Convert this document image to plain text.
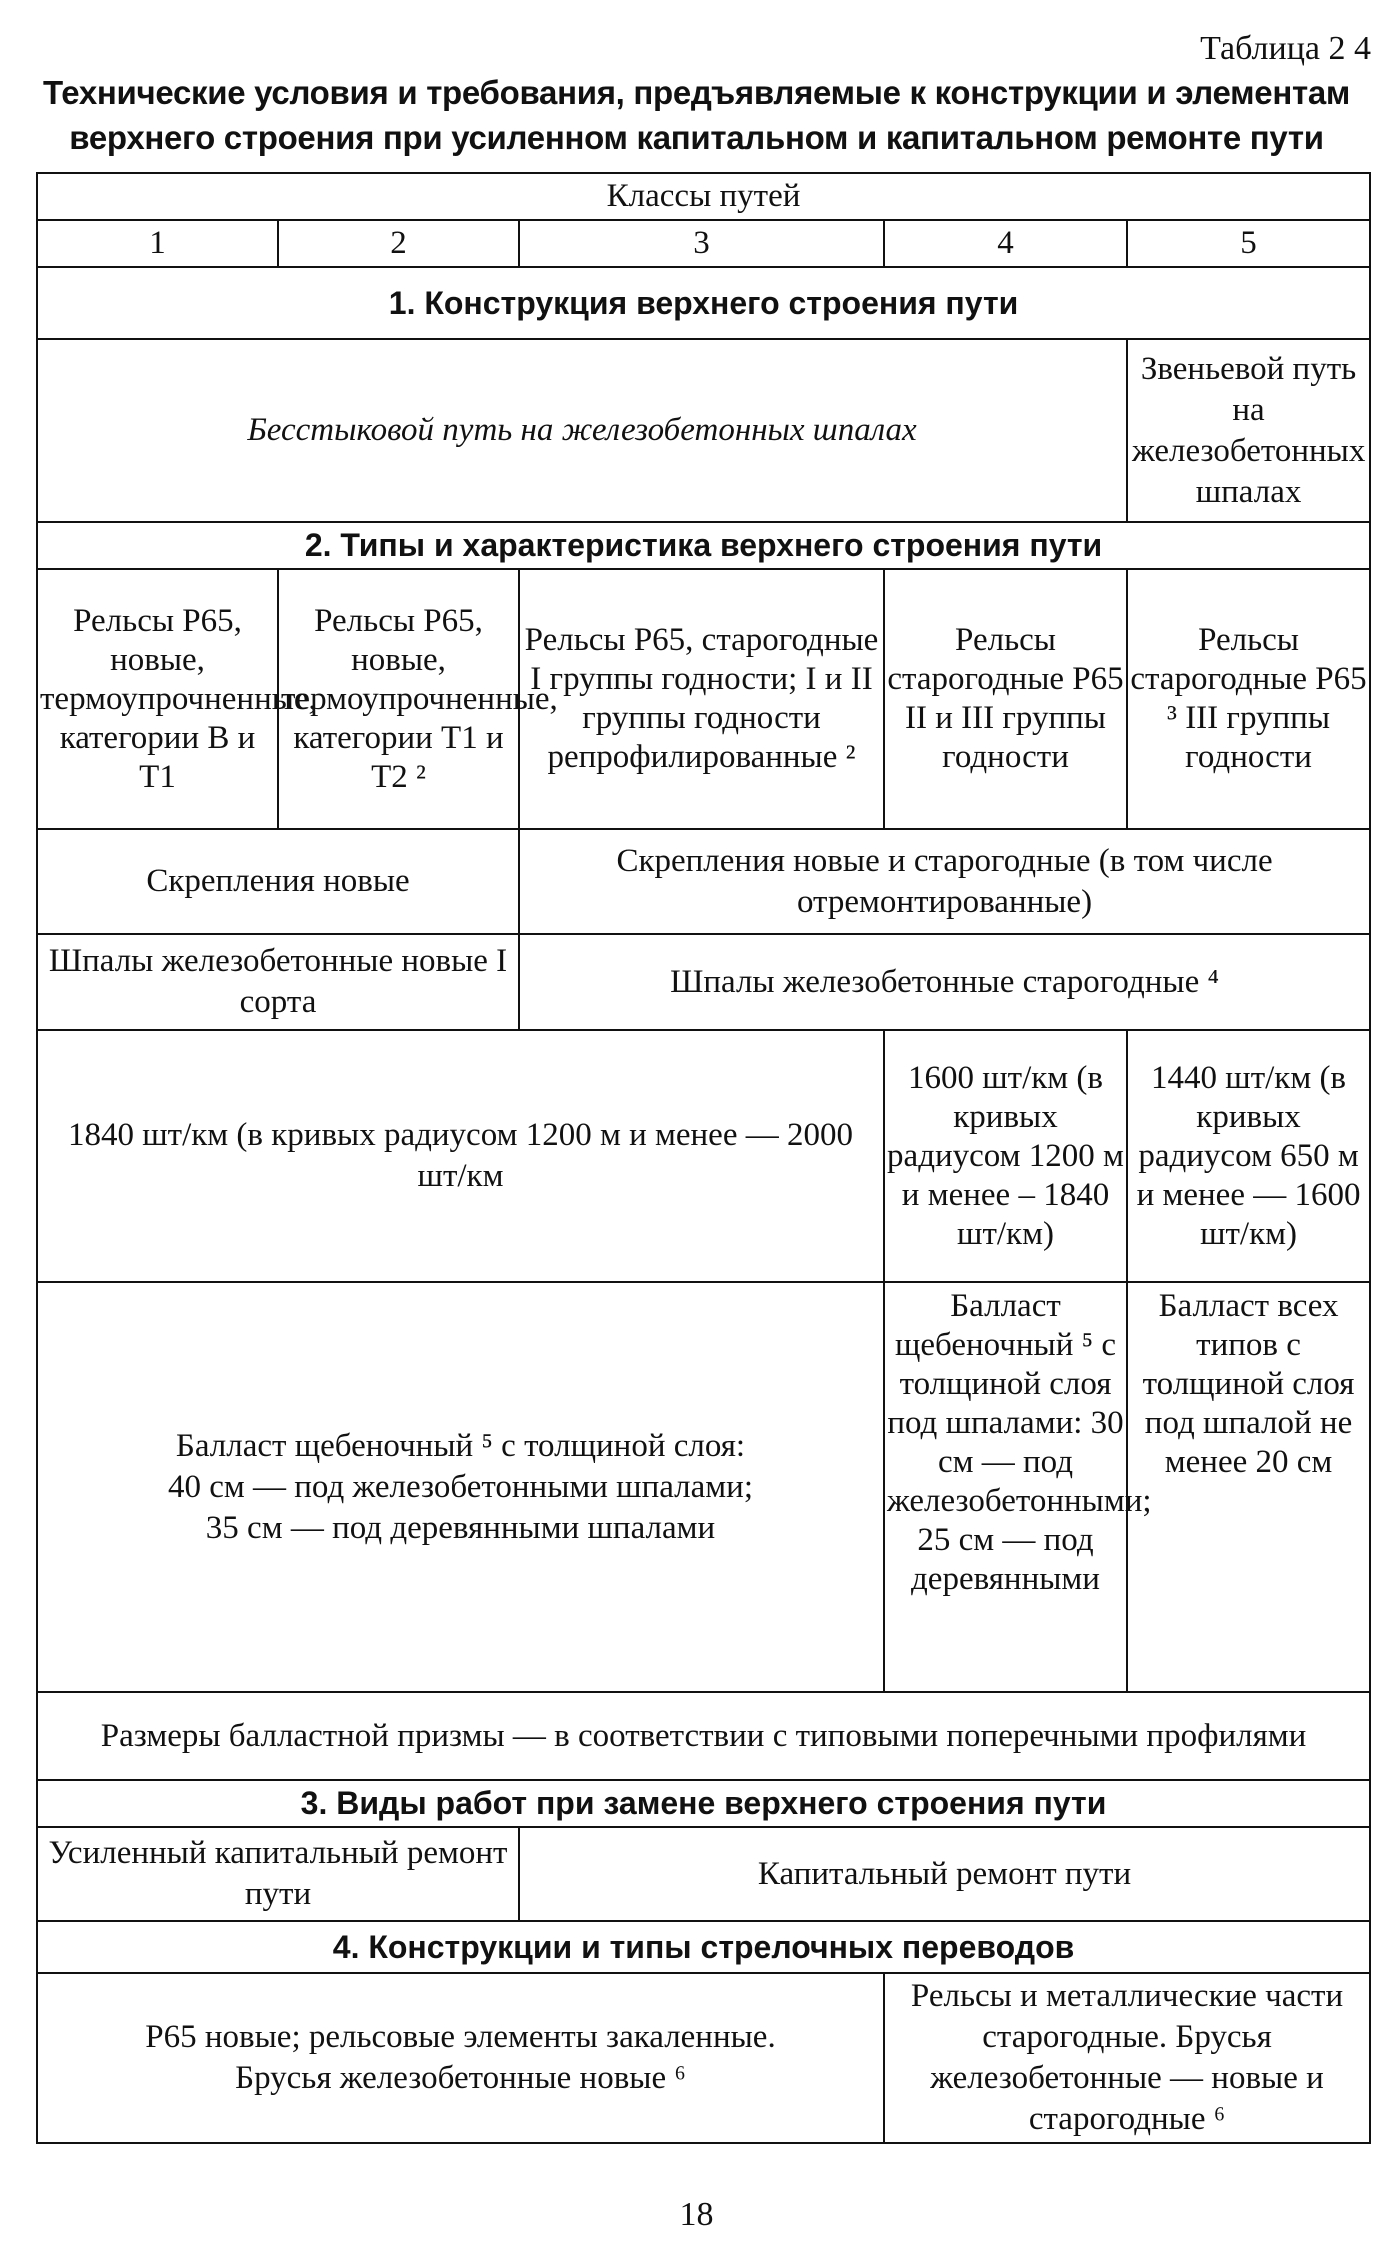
Таблица 2 4
Технические условия и требования, предъявляемые к конструкции и элементам
верхнего строения при усиленном капитальном и капитальном ремонте пути
Классы путей				
1	2	3	4	5
1. Конструкция верхнего строения пути				
Бесстыковой путь на железобетонных шпалах				Звеньевой путь на железобетонных шпалах
2. Типы и характеристика верхнего строения пути				
Рельсы Р65, новые, термоупрочненные, категории В и Т1	Рельсы Р65, новые, термоупрочненные, категории Т1 и Т2 ²	Рельсы Р65, старогодные I группы годности; I и II группы годности репрофилированные ²	Рельсы старогодные Р65 II и III группы годности	Рельсы старогодные Р65 ³ III группы годности
Скрепления новые		Скрепления новые и старогодные (в том числе отремонтированные)		
Шпалы железобетонные новые I сорта		Шпалы железобетонные старогодные ⁴		
1840 шт/км (в кривых радиусом 1200 м и менее — 2000 шт/км			1600 шт/км (в кривых радиусом 1200 м и менее – 1840 шт/км)	1440 шт/км (в кривых радиусом 650 м и менее — 1600 шт/км)

Балласт щебеночный ⁵ с толщиной слоя:
40 см — под железобетонными шпалами;
35 см — под деревянными шпалами			Балласт щебеночный ⁵ с толщиной слоя под шпалами: 30 см — под железобетонными; 25 см — под деревянными	Балласт всех типов с толщиной слоя под шпалой не менее 20 см
Размеры балластной призмы — в соответствии с типовыми поперечными профилями				
3. Виды работ при замене верхнего строения пути				
Усиленный капитальный ремонт пути		Капитальный ремонт пути		
4. Конструкции и типы стрелочных переводов				

Р65 новые; рельсовые элементы закаленные.
Брусья железобетонные новые ⁶			Рельсы и металлические части старогодные. Брусья железобетонные — новые и старогодные ⁶	
18
